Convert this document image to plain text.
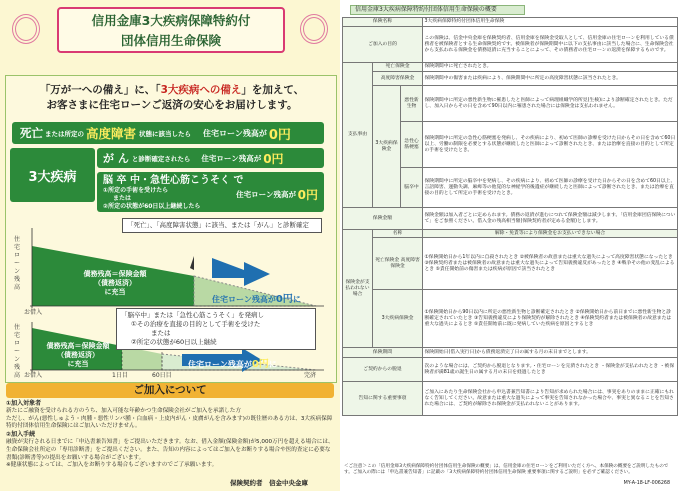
信用金庫3大疾病保障特約付
団体信用生命保険
「万が一への備え」に、「3大疾病への備え」を加えて、
お客さまに住宅ローンご返済の安心をお届けします。
死亡 または所定の 高度障害 状態に該当したら 住宅ローン残高が 0円
3大疾病
が ん と診断確定されたら 住宅ローン残高が 0円
脳 卒 中・急性心筋こうそく で
①所定の手術を受けたら
または
②所定の状態が60日以上継続したら
住宅ローン残高が 0円
「死亡」、「高度障害状態」に該当、または「がん」と診断確定
住宅ローン残高
債務残高＝保険金額
（債務返済）
に充当
住宅ローン残高が0円に
お借入	「脳卒中」または「急性心筋こうそく」を発病し
①その治療を直接の目的として手術を受けた
または
②所定の状態が60日以上継続
住宅ローン残高
債務残高＝保険金額
（債務返済）
に充当	住宅ローン残高が0円に
お借入	1日目	60日目	完済
ご加入について
①加入対象者
新たにご融資を受けられる方のうち、加入可能な年齢かつ生命保険会社がご加入を承諾した方
ただし、がん(悪性しゅよう・肉腫・悪性リンパ腫・白血病・上皮内がん・皮膚がんを含みます)の既往歴のある方は、3大疾病保障特約付団体信用生命保険にはご加入いただけません。
②加入手続
融資が実行される日までに「申込書兼告知書」をご提出いただきます。なお、借入金額(保険金額)が5,000万円を超える場合には、生命保険会社所定の「専用診断書」をご提出ください。また、告知の内容によってはご加入をお断りする場合や医的査定に必要な書類(診断書等)の提出をお願いする場合がございます。
※健康状態によっては、ご加入をお断りする場合もございますのでご了承願います。
保険契約者　信金中央金庫
信用金庫3大疾病保障特約付団体信用生命保険の概要
保険名称			3大疾病保障特約付団体信用生命保険
ご加入の目的			この保険は、信金中央金庫を保険契約者、信用金庫を保険金受取人として、信用金庫の住宅ローンを利用している債務者を被保険者とする生命保険契約です。被保険者が保険期間中に以下の支払事由に該当した場合に、生命保険会社から支払われる保険金を債務返済に充当することによって、その債務者の住宅ローンの返済を保障するものです。
支払事由	死亡保険金		保険期間中に死亡されたとき。
	高度障害保険金		保険期間中の傷害または疾病により、保険期間中に所定の高度障害状態に該当されたとき。
	3大疾病保険金	悪性新生物	保険期間中に所定の悪性新生物に罹患したと医師によって病理組織学的所見(生検)により診断確定されたとき。ただし、加入日からその日を含めて90日以内に罹患された場合には保険金は支払われません。
		急性心筋梗塞	保険期間中に所定の急性心筋梗塞を発病し、その疾病により、初めて医師の診療を受けた日からその日を含めて60日以上、労働の制限を必要とする状態が継続したと医師によって診断されたとき、または治療を直接の目的として所定の手術を受けたとき。
		脳卒中	保険期間中に所定の脳卒中を発病し、その疾病により、初めて医師の診療を受けた日からその日を含めて60日以上、言語障害、運動失調、麻痺等の他覚的な神経学的後遺症が継続したと医師によって診断されたとき、または治療を直接の目的として所定の手術を受けたとき。
保険金額			保険金額は加入者ごとに定められます。債務の返済が進むにつれて保険金額は減少します。「信用金庫団信保険について」をご参照ください。借入金の残高相当額(保険契約者が定める金額)とします。
保険金が支払われない場合	名称		解除・免責等により保険金をお支払いできない場合
	死亡保険金 高度障害保険金		①保険開始日から1年以内に自殺されたとき ②被保険者の故意または重大な過失によって高度障害状態になったとき ③保険契約者または被保険者の故意または重大な過失によって告知義務違反があったとき ④戦争その他の変乱によるとき ⑤責任開始前の傷害または疾病が原因で該当されたとき
	3大疾病保険金		①保険開始日から90日以内に所定の悪性新生物と診断確定されたとき ②保険開始日から前日までに悪性新生物と診断確定されていたとき ③告知義務違反により保険契約が解除されたとき ④保険契約者または被保険者の故意または重大な過失によるとき ⑤責任開始前に既に発病していた疾病を原因とするとき
保険期間			保険開始日(借入実行日)から債務返済完了日の属する月の末日までとします。
ご契約からの脱退			次のような場合には、ご契約から脱退となります。・住宅ローンを完済されたとき ・保険金が支払われたとき ・被保険者が満81歳の誕生日の属する月の末日を経過したとき
告知に関する重要事項			ご加入にあたり生命保険会社から申込書兼告知書により告知が求められた場合には、事実をありのままに正確にもれなく告知してください。故意または重大な過失によって事実を告知されなかった場合や、事実と異なることを告知された場合には、ご契約が解除され保険金が支払われないことがあります。
＜ご注意＞この「信用金庫3大疾病保障特約付団体信用生命保険の概要」は、信用金庫の住宅ローンをご利用いただく方へ、本保険の概要をご説明したものです。ご加入の際には「申込書兼告知書」に記載の「3大疾病保障特約付団体信用生命保険 重要事項に関するご説明」を必ずご確認ください。
MY-A-18-LF-006268
